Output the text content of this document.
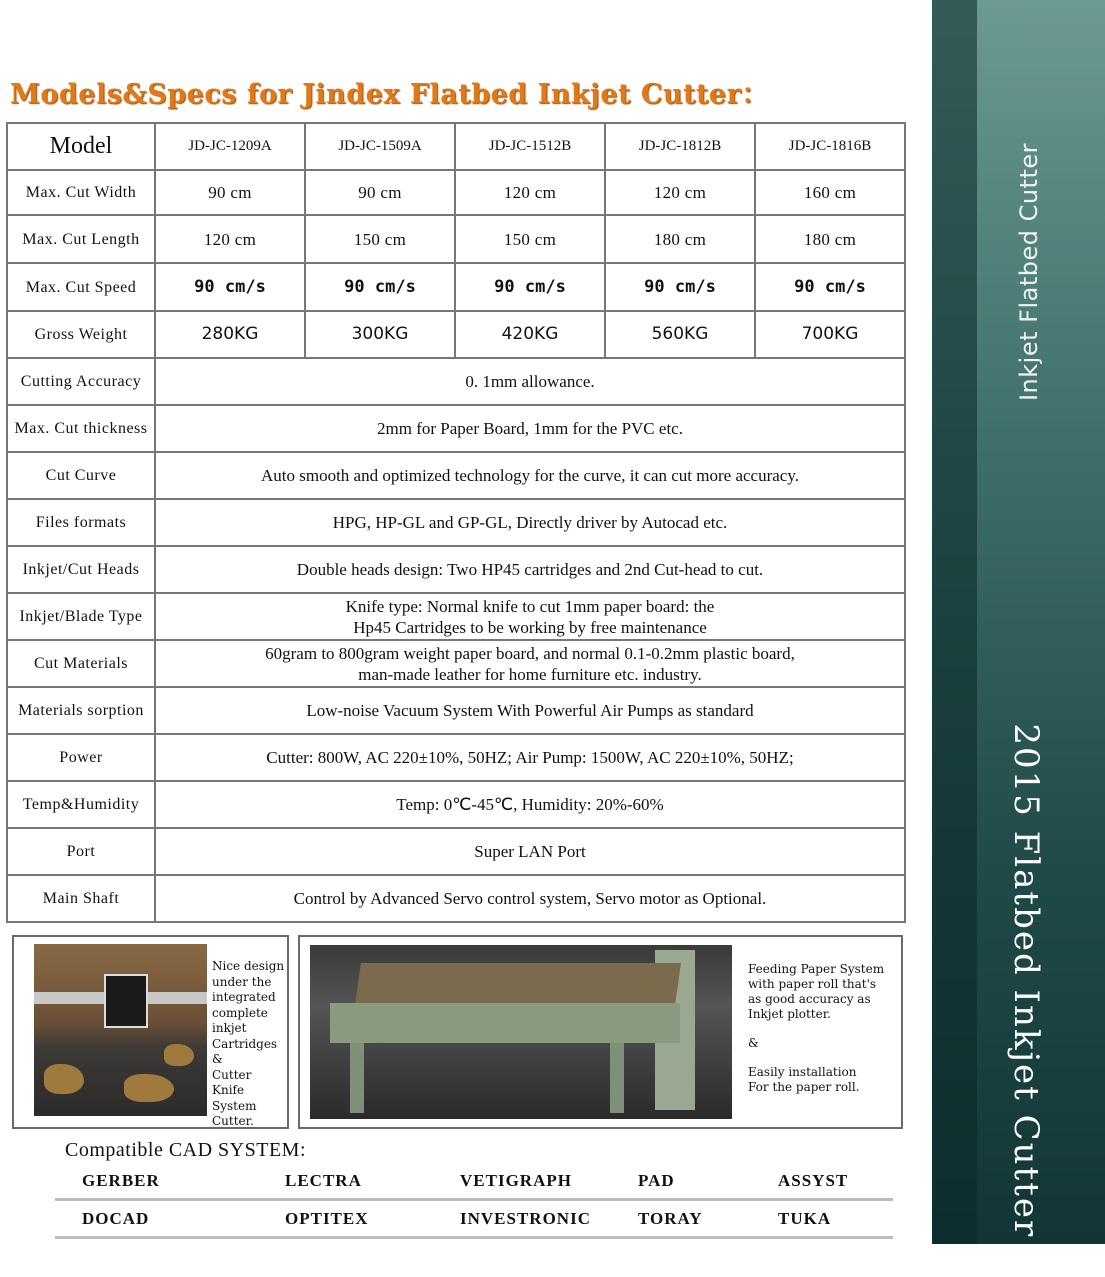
Models&Specs for Jindex Flatbed Inkjet Cutter：
Model	JD-JC-1209A	JD-JC-1509A	JD-JC-1512B	JD-JC-1812B	JD-JC-1816B
Max. Cut Width	90 cm	90 cm	120 cm	120 cm	160 cm
Max. Cut Length	120 cm	150 cm	150 cm	180 cm	180 cm
Max. Cut Speed	90 cm/s	90 cm/s	90 cm/s	90 cm/s	90 cm/s
Gross Weight	280KG	300KG	420KG	560KG	700KG
Cutting Accuracy	0. 1mm allowance.				
Max. Cut thickness	2mm for Paper Board, 1mm for the PVC etc.				
Cut Curve	Auto smooth and optimized technology for the curve, it can cut more accuracy.				
Files formats	HPG, HP-GL and GP-GL, Directly driver by Autocad etc.				
Inkjet/Cut Heads	Double heads design: Two HP45 cartridges and 2nd Cut-head to cut.				
Inkjet/Blade Type	Knife type: Normal knife to cut 1mm paper board: the
Hp45 Cartridges to be working by free maintenance				

Cut Materials	60gram to 800gram weight paper board, and normal 0.1-0.2mm plastic board,
man-made leather for home furniture etc. industry.				

Materials sorption	Low-noise Vacuum System With Powerful Air Pumps as standard				
Power	Cutter: 800W, AC 220±10%, 50HZ; Air Pump: 1500W, AC 220±10%, 50HZ;				
Temp&Humidity	Temp: 0℃-45℃, Humidity: 20%-60%				
Port	Super LAN Port				
Main Shaft	Control by Advanced Servo control system, Servo motor as Optional.				
Nice design
under the
integrated
complete
inkjet
Cartridges
&
Cutter Knife
System
Cutter.
Feeding Paper System
with paper roll that's
as good accuracy as
Inkjet plotter.
&
Easily installation
For the paper roll.
Compatible CAD SYSTEM:
GERBER	LECTRA	VETIGRAPH	PAD	ASSYST
DOCAD	OPTITEX	INVESTRONIC	TORAY	TUKA
Inkjet Flatbed Cutter
2015 Flatbed Inkjet Cutter F
